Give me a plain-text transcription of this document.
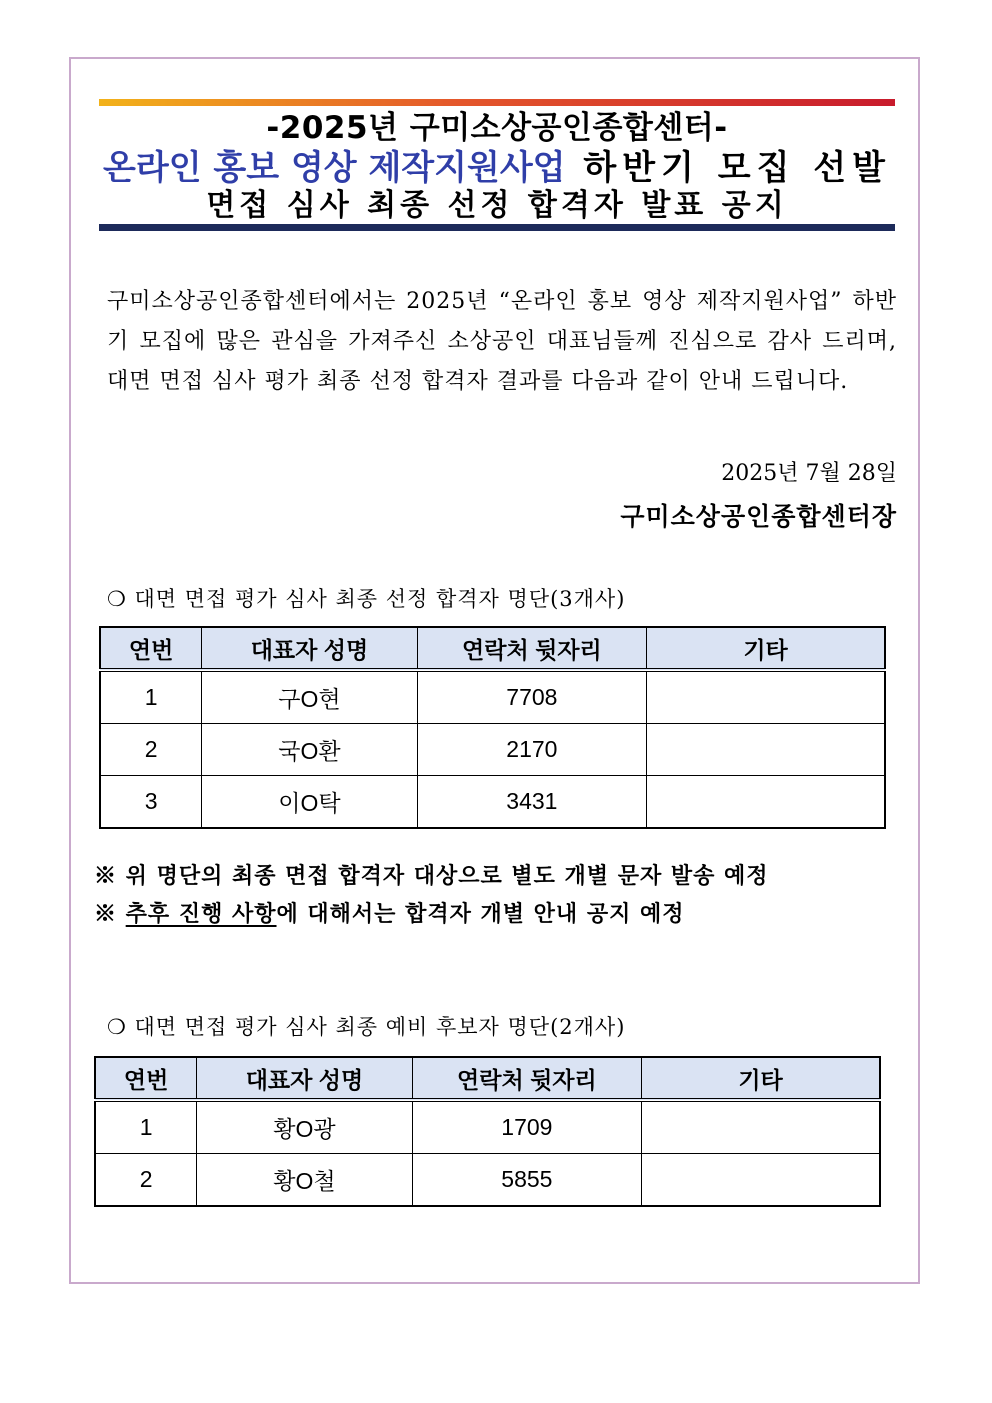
-2025년 구미소상공인종합센터-
온라인 홍보 영상 제작지원사업 하반기 모집 선발
면접 심사 최종 선정 합격자 발표 공지
구미소상공인종합센터에서는 2025년 “온라인 홍보 영상 제작지원사업” 하반기 모집에 많은 관심을 가져주신 소상공인 대표님들께 진심으로 감사 드리며, 대면 면접 심사 평가 최종 선정 합격자 결과를 다음과 같이 안내 드립니다.
2025년 7월 28일
구미소상공인종합센터장
❍ 대면 면접 평가 심사 최종 선정 합격자 명단(3개사)
연번	대표자 성명	연락처 뒷자리	기타
1	구O현	7708	
2	국O환	2170	
3	이O탁	3431	
※ 위 명단의 최종 면접 합격자 대상으로 별도 개별 문자 발송 예정
※ 추후 진행 사항에 대해서는 합격자 개별 안내 공지 예정
❍ 대면 면접 평가 심사 최종 예비 후보자 명단(2개사)
연번	대표자 성명	연락처 뒷자리	기타
1	황O광	1709	
2	황O철	5855	
